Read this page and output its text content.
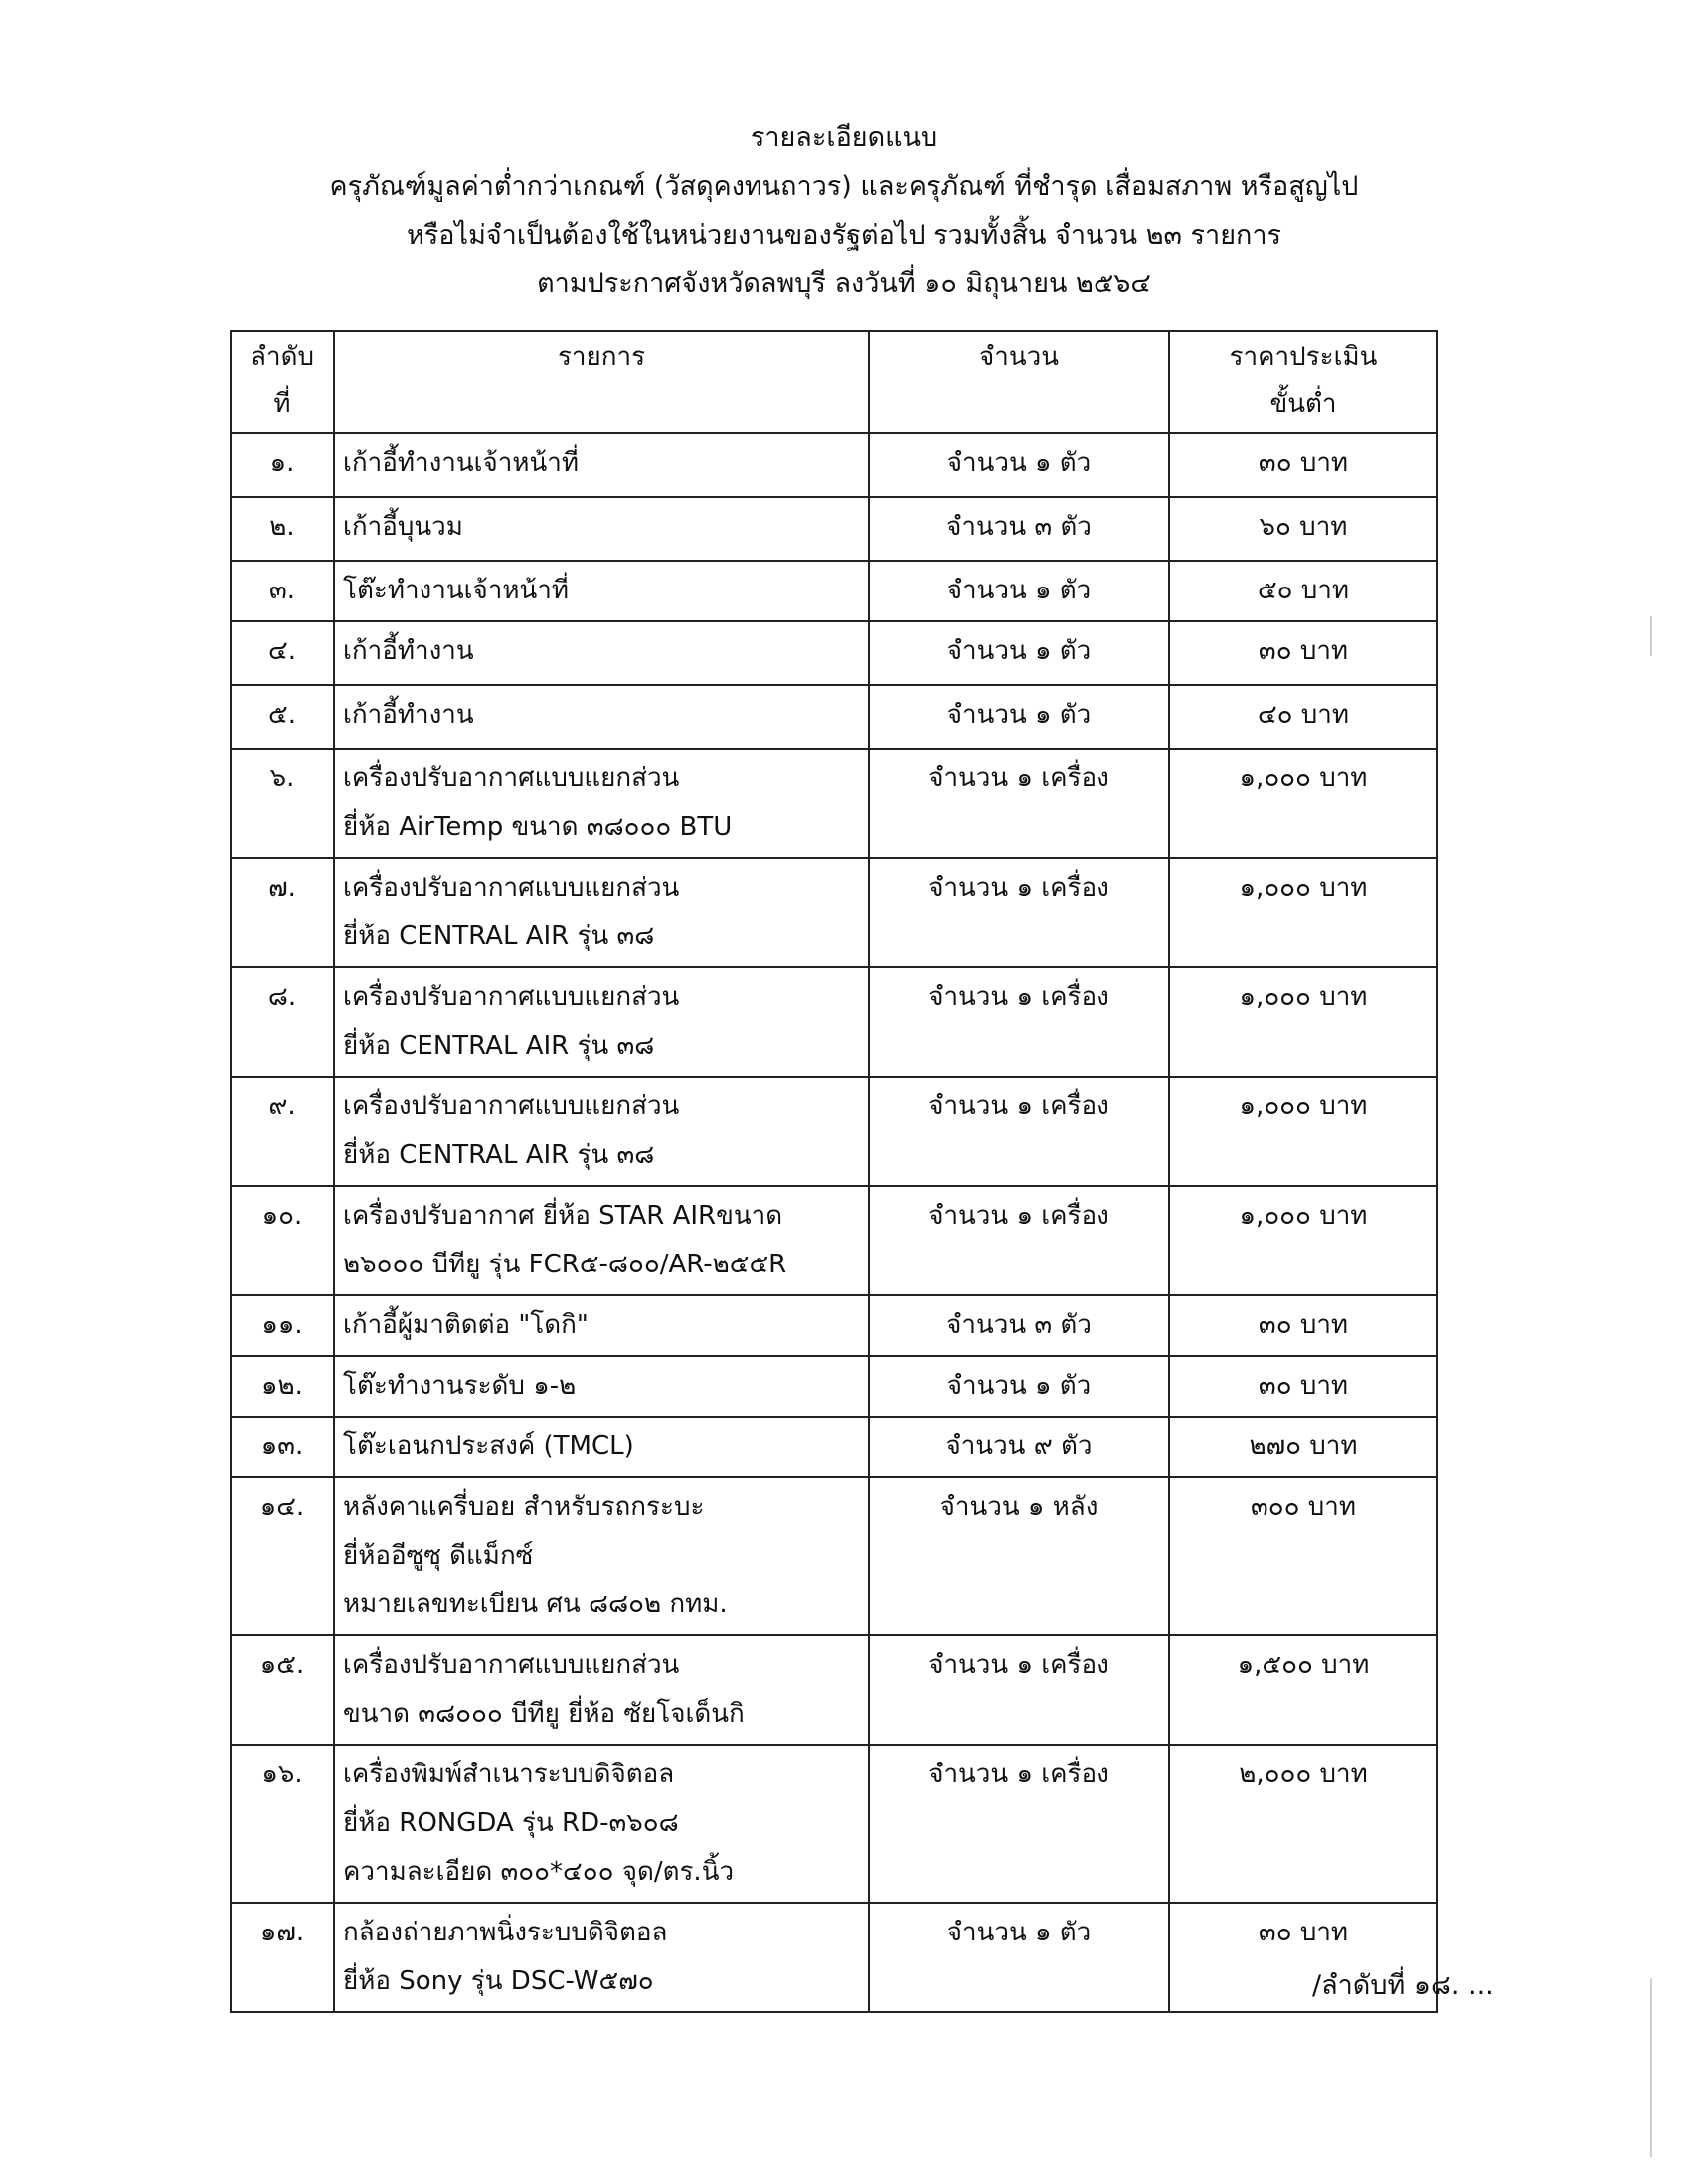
รายละเอียดแนบ
ครุภัณฑ์มูลค่าต่ำกว่าเกณฑ์ (วัสดุคงทนถาวร) และครุภัณฑ์ ที่ชำรุด เสื่อมสภาพ หรือสูญไป
หรือไม่จำเป็นต้องใช้ในหน่วยงานของรัฐต่อไป รวมทั้งสิ้น จำนวน ๒๓ รายการ
ตามประกาศจังหวัดลพบุรี ลงวันที่ ๑๐ มิถุนายน ๒๕๖๔
ลำดับ
ที่	รายการ	จำนวน	ราคาประเมิน
ขั้นต่ำ
๑.	เก้าอี้ทำงานเจ้าหน้าที่	จำนวน ๑ ตัว	๓๐ บาท
๒.	เก้าอี้บุนวม	จำนวน ๓ ตัว	๖๐ บาท
๓.	โต๊ะทำงานเจ้าหน้าที่	จำนวน ๑ ตัว	๕๐ บาท
๔.	เก้าอี้ทำงาน	จำนวน ๑ ตัว	๓๐ บาท
๕.	เก้าอี้ทำงาน	จำนวน ๑ ตัว	๔๐ บาท
๖.	เครื่องปรับอากาศแบบแยกส่วน
ยี่ห้อ AirTemp ขนาด ๓๘๐๐๐ BTU	จำนวน ๑ เครื่อง	๑,๐๐๐ บาท
๗.	เครื่องปรับอากาศแบบแยกส่วน
ยี่ห้อ CENTRAL AIR รุ่น ๓๘	จำนวน ๑ เครื่อง	๑,๐๐๐ บาท
๘.	เครื่องปรับอากาศแบบแยกส่วน
ยี่ห้อ CENTRAL AIR รุ่น ๓๘	จำนวน ๑ เครื่อง	๑,๐๐๐ บาท
๙.	เครื่องปรับอากาศแบบแยกส่วน
ยี่ห้อ CENTRAL AIR รุ่น ๓๘	จำนวน ๑ เครื่อง	๑,๐๐๐ บาท
๑๐.	เครื่องปรับอากาศ ยี่ห้อ STAR AIRขนาด
๒๖๐๐๐ บีทียู รุ่น FCR๕-๘๐๐/AR-๒๕๕R	จำนวน ๑ เครื่อง	๑,๐๐๐ บาท
๑๑.	เก้าอี้ผู้มาติดต่อ "โดกิ"	จำนวน ๓ ตัว	๓๐ บาท
๑๒.	โต๊ะทำงานระดับ ๑-๒	จำนวน ๑ ตัว	๓๐ บาท
๑๓.	โต๊ะเอนกประสงค์ (TMCL)	จำนวน ๙ ตัว	๒๗๐ บาท
๑๔.	หลังคาแครี่บอย สำหรับรถกระบะ
ยี่ห้ออีซูซุ ดีแม็กซ์
หมายเลขทะเบียน ศน ๘๘๐๒ กทม.	จำนวน ๑ หลัง	๓๐๐ บาท
๑๕.	เครื่องปรับอากาศแบบแยกส่วน
ขนาด ๓๘๐๐๐ บีทียู ยี่ห้อ ซัยโจเด็นกิ	จำนวน ๑ เครื่อง	๑,๕๐๐ บาท
๑๖.	เครื่องพิมพ์สำเนาระบบดิจิตอล
ยี่ห้อ RONGDA รุ่น RD-๓๖๐๘
ความละเอียด ๓๐๐*๔๐๐ จุด/ตร.นิ้ว	จำนวน ๑ เครื่อง	๒,๐๐๐ บาท
๑๗.	กล้องถ่ายภาพนิ่งระบบดิจิตอล
ยี่ห้อ Sony รุ่น DSC-W๕๗๐	จำนวน ๑ ตัว	๓๐ บาท
/ลำดับที่ ๑๘. ...
